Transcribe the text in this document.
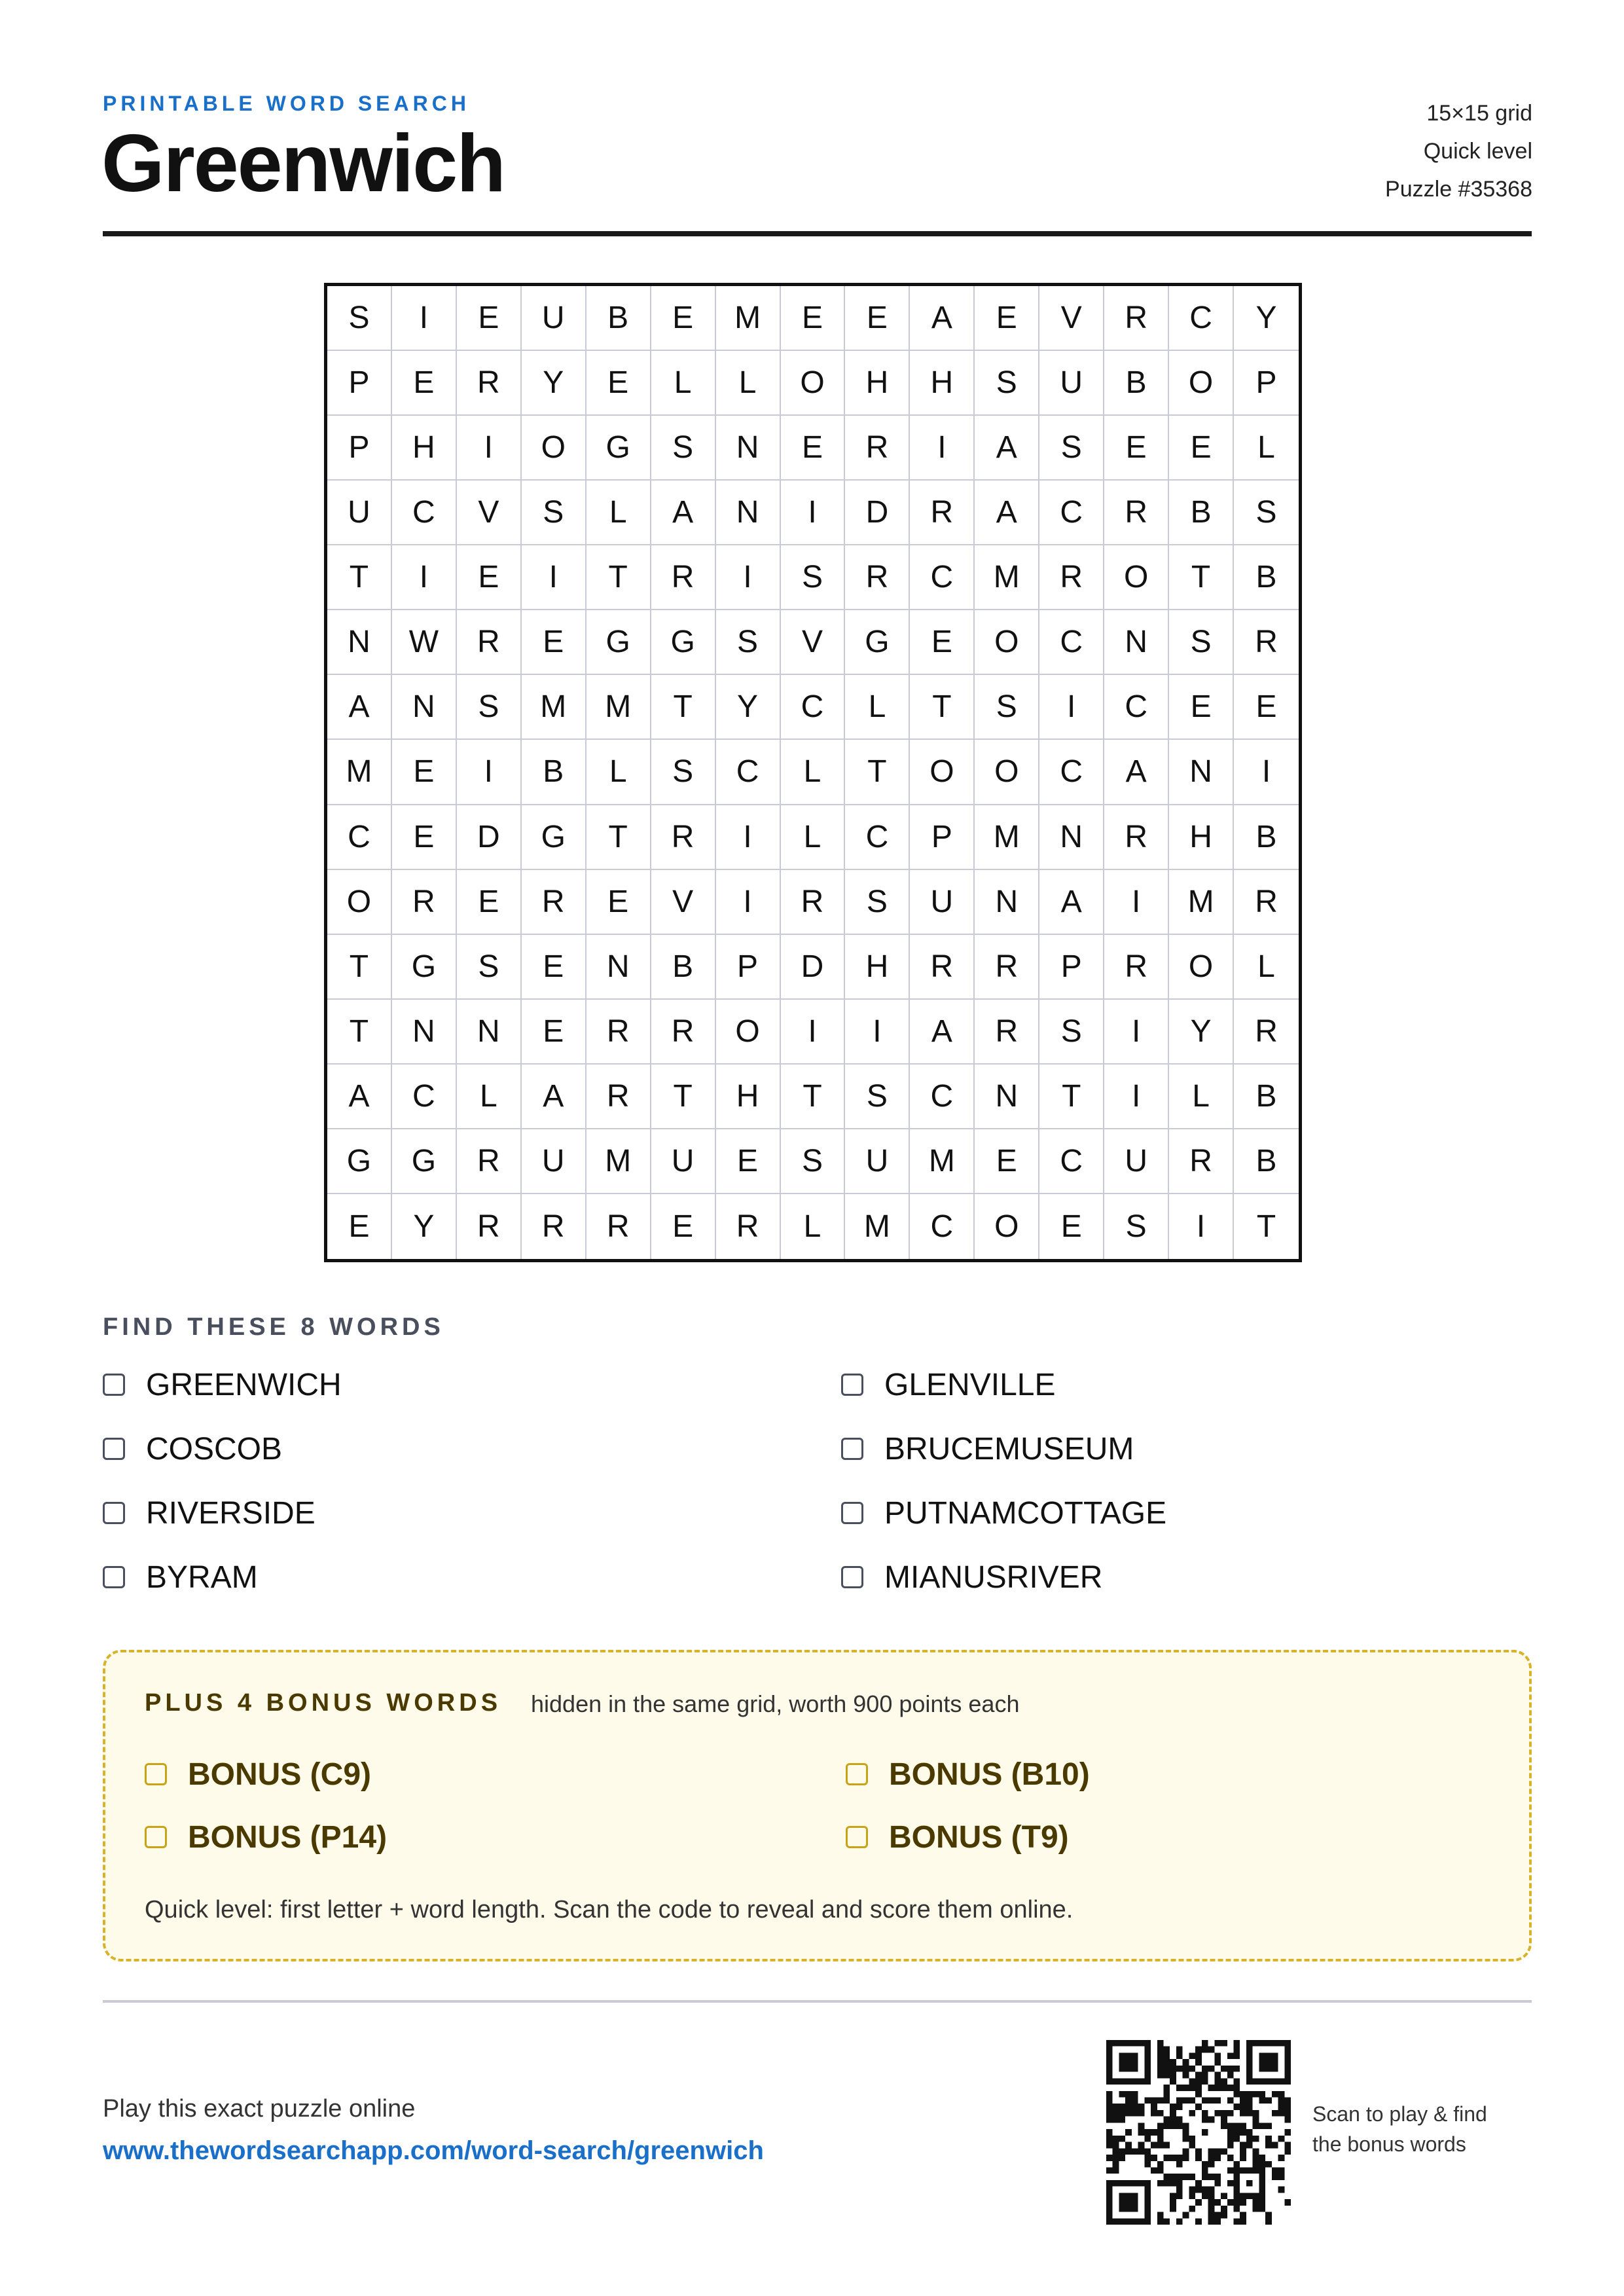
PRINTABLE WORD SEARCH
Greenwich
15×15 grid
Quick level
Puzzle #35368
S	I	E	U	B	E	M	E	E	A	E	V	R	C	Y
P	E	R	Y	E	L	L	O	H	H	S	U	B	O	P
P	H	I	O	G	S	N	E	R	I	A	S	E	E	L
U	C	V	S	L	A	N	I	D	R	A	C	R	B	S
T	I	E	I	T	R	I	S	R	C	M	R	O	T	B
N	W	R	E	G	G	S	V	G	E	O	C	N	S	R
A	N	S	M	M	T	Y	C	L	T	S	I	C	E	E
M	E	I	B	L	S	C	L	T	O	O	C	A	N	I
C	E	D	G	T	R	I	L	C	P	M	N	R	H	B
O	R	E	R	E	V	I	R	S	U	N	A	I	M	R
T	G	S	E	N	B	P	D	H	R	R	P	R	O	L
T	N	N	E	R	R	O	I	I	A	R	S	I	Y	R
A	C	L	A	R	T	H	T	S	C	N	T	I	L	B
G	G	R	U	M	U	E	S	U	M	E	C	U	R	B
E	Y	R	R	R	E	R	L	M	C	O	E	S	I	T
FIND THESE 8 WORDS
GREENWICH	GLENVILLE
COSCOB	BRUCEMUSEUM
RIVERSIDE	PUTNAMCOTTAGE
BYRAM	MIANUSRIVER
PLUS 4 BONUS WORDS hidden in the same grid, worth 900 points each
BONUS (C9)	BONUS (B10)
BONUS (P14)	BONUS (T9)
Quick level: first letter + word length. Scan the code to reveal and score them online.
Play this exact puzzle online
www.thewordsearchapp.com/word-search/greenwich
Scan to play & find
the bonus words
